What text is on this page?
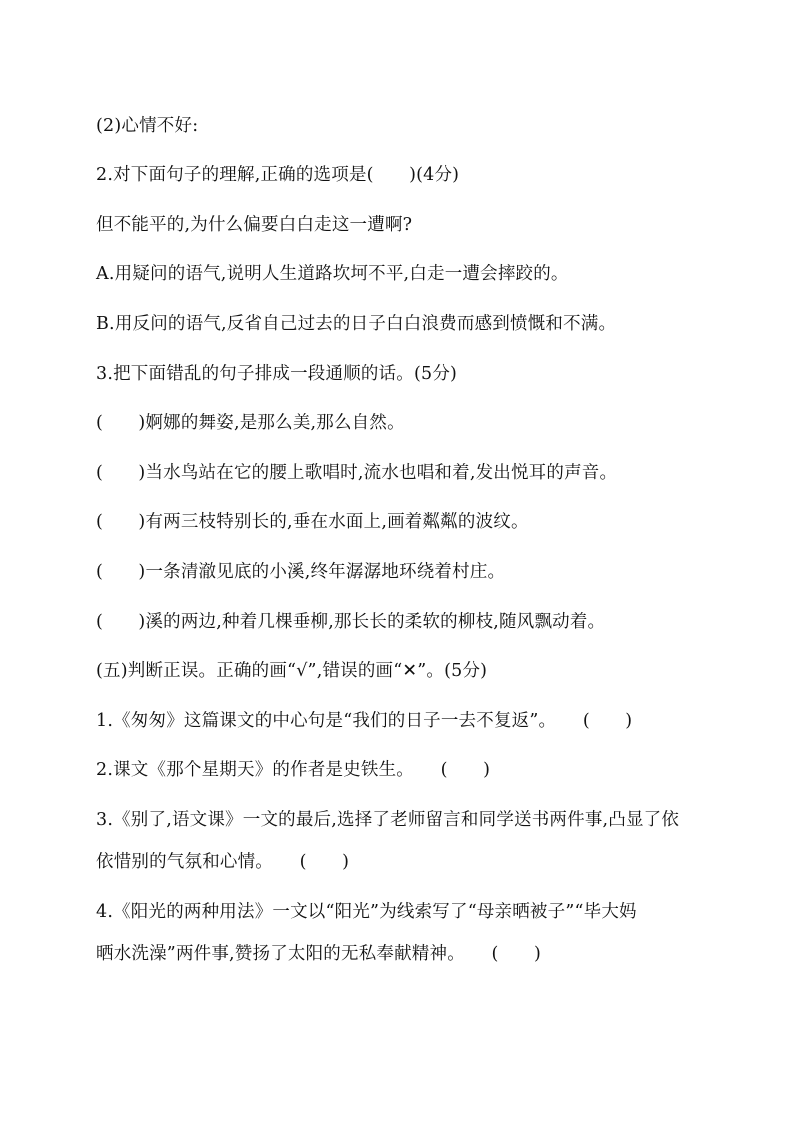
(2)心情不好:
2.对下面句子的理解,正确的选项是(　　)(4分)
但不能平的,为什么偏要白白走这一遭啊?
A.用疑问的语气,说明人生道路坎坷不平,白走一遭会摔跤的。
B.用反问的语气,反省自己过去的日子白白浪费而感到愤慨和不满。
3.把下面错乱的句子排成一段通顺的话。(5分)
(　　)婀娜的舞姿,是那么美,那么自然。
(　　)当水鸟站在它的腰上歌唱时,流水也唱和着,发出悦耳的声音。
(　　)有两三枝特别长的,垂在水面上,画着粼粼的波纹。
(　　)一条清澈见底的小溪,终年潺潺地环绕着村庄。
(　　)溪的两边,种着几棵垂柳,那长长的柔软的柳枝,随风飘动着。
(五)判断正误。正确的画“√”,错误的画“✕”。(5分)
1.《匆匆》这篇课文的中心句是“我们的日子一去不复返”。　　(　　)
2.课文《那个星期天》的作者是史铁生。　　(　　)
3.《别了,语文课》一文的最后,选择了老师留言和同学送书两件事,凸显了依
依惜别的气氛和心情。　　(　　)
4.《阳光的两种用法》一文以“阳光”为线索写了“母亲晒被子”“毕大妈
晒水洗澡”两件事,赞扬了太阳的无私奉献精神。　　(　　)
